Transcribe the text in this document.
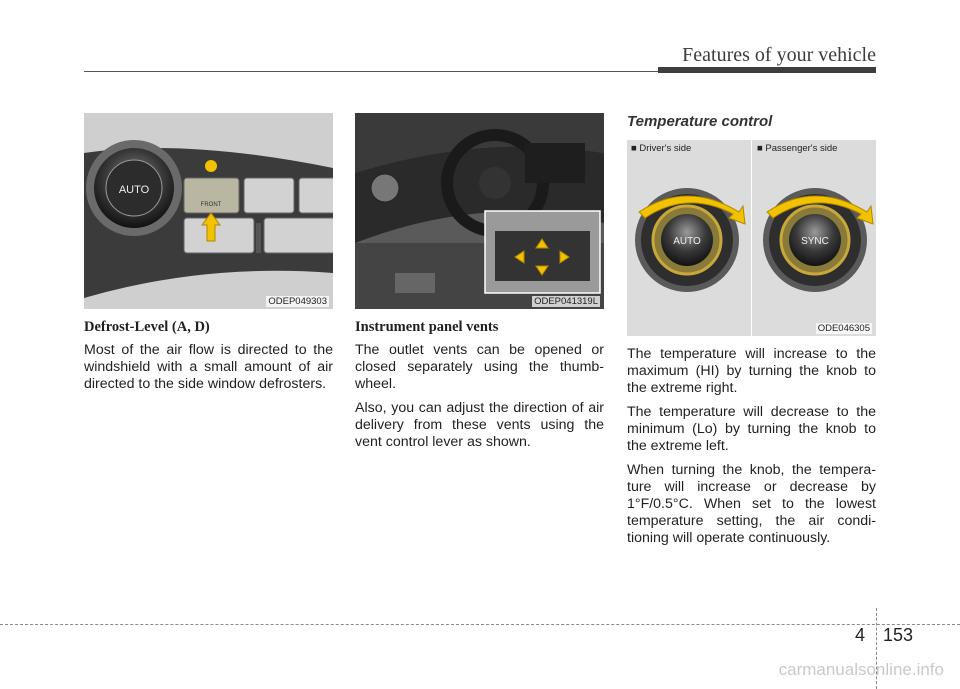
Features of your vehicle
AUTO
FRONT
ODEP049303
Defrost-Level (A, D)

Most of the air flow is directed to the windshield with a small amount of air directed to the side window defrosters.

ODEP041319L
Instrument panel vents

The outlet vents can be opened or closed separately using the thumb-wheel.

Also, you can adjust the direction of air delivery from these vents using the vent control lever as shown.

Temperature control
■ Driver's side	■ Passenger's side
AUTO	SYNC
ODE046305

The temperature will increase to the maximum (HI) by turning the knob to the extreme right.

The temperature will decrease to the minimum (Lo) by turning the knob to the extreme left.

When turning the knob, the tempera-ture will increase or decrease by 1°F/0.5°C. When set to the lowest temperature setting, the air condi-tioning will operate continuously.

4 153
carmanualsonline.info
